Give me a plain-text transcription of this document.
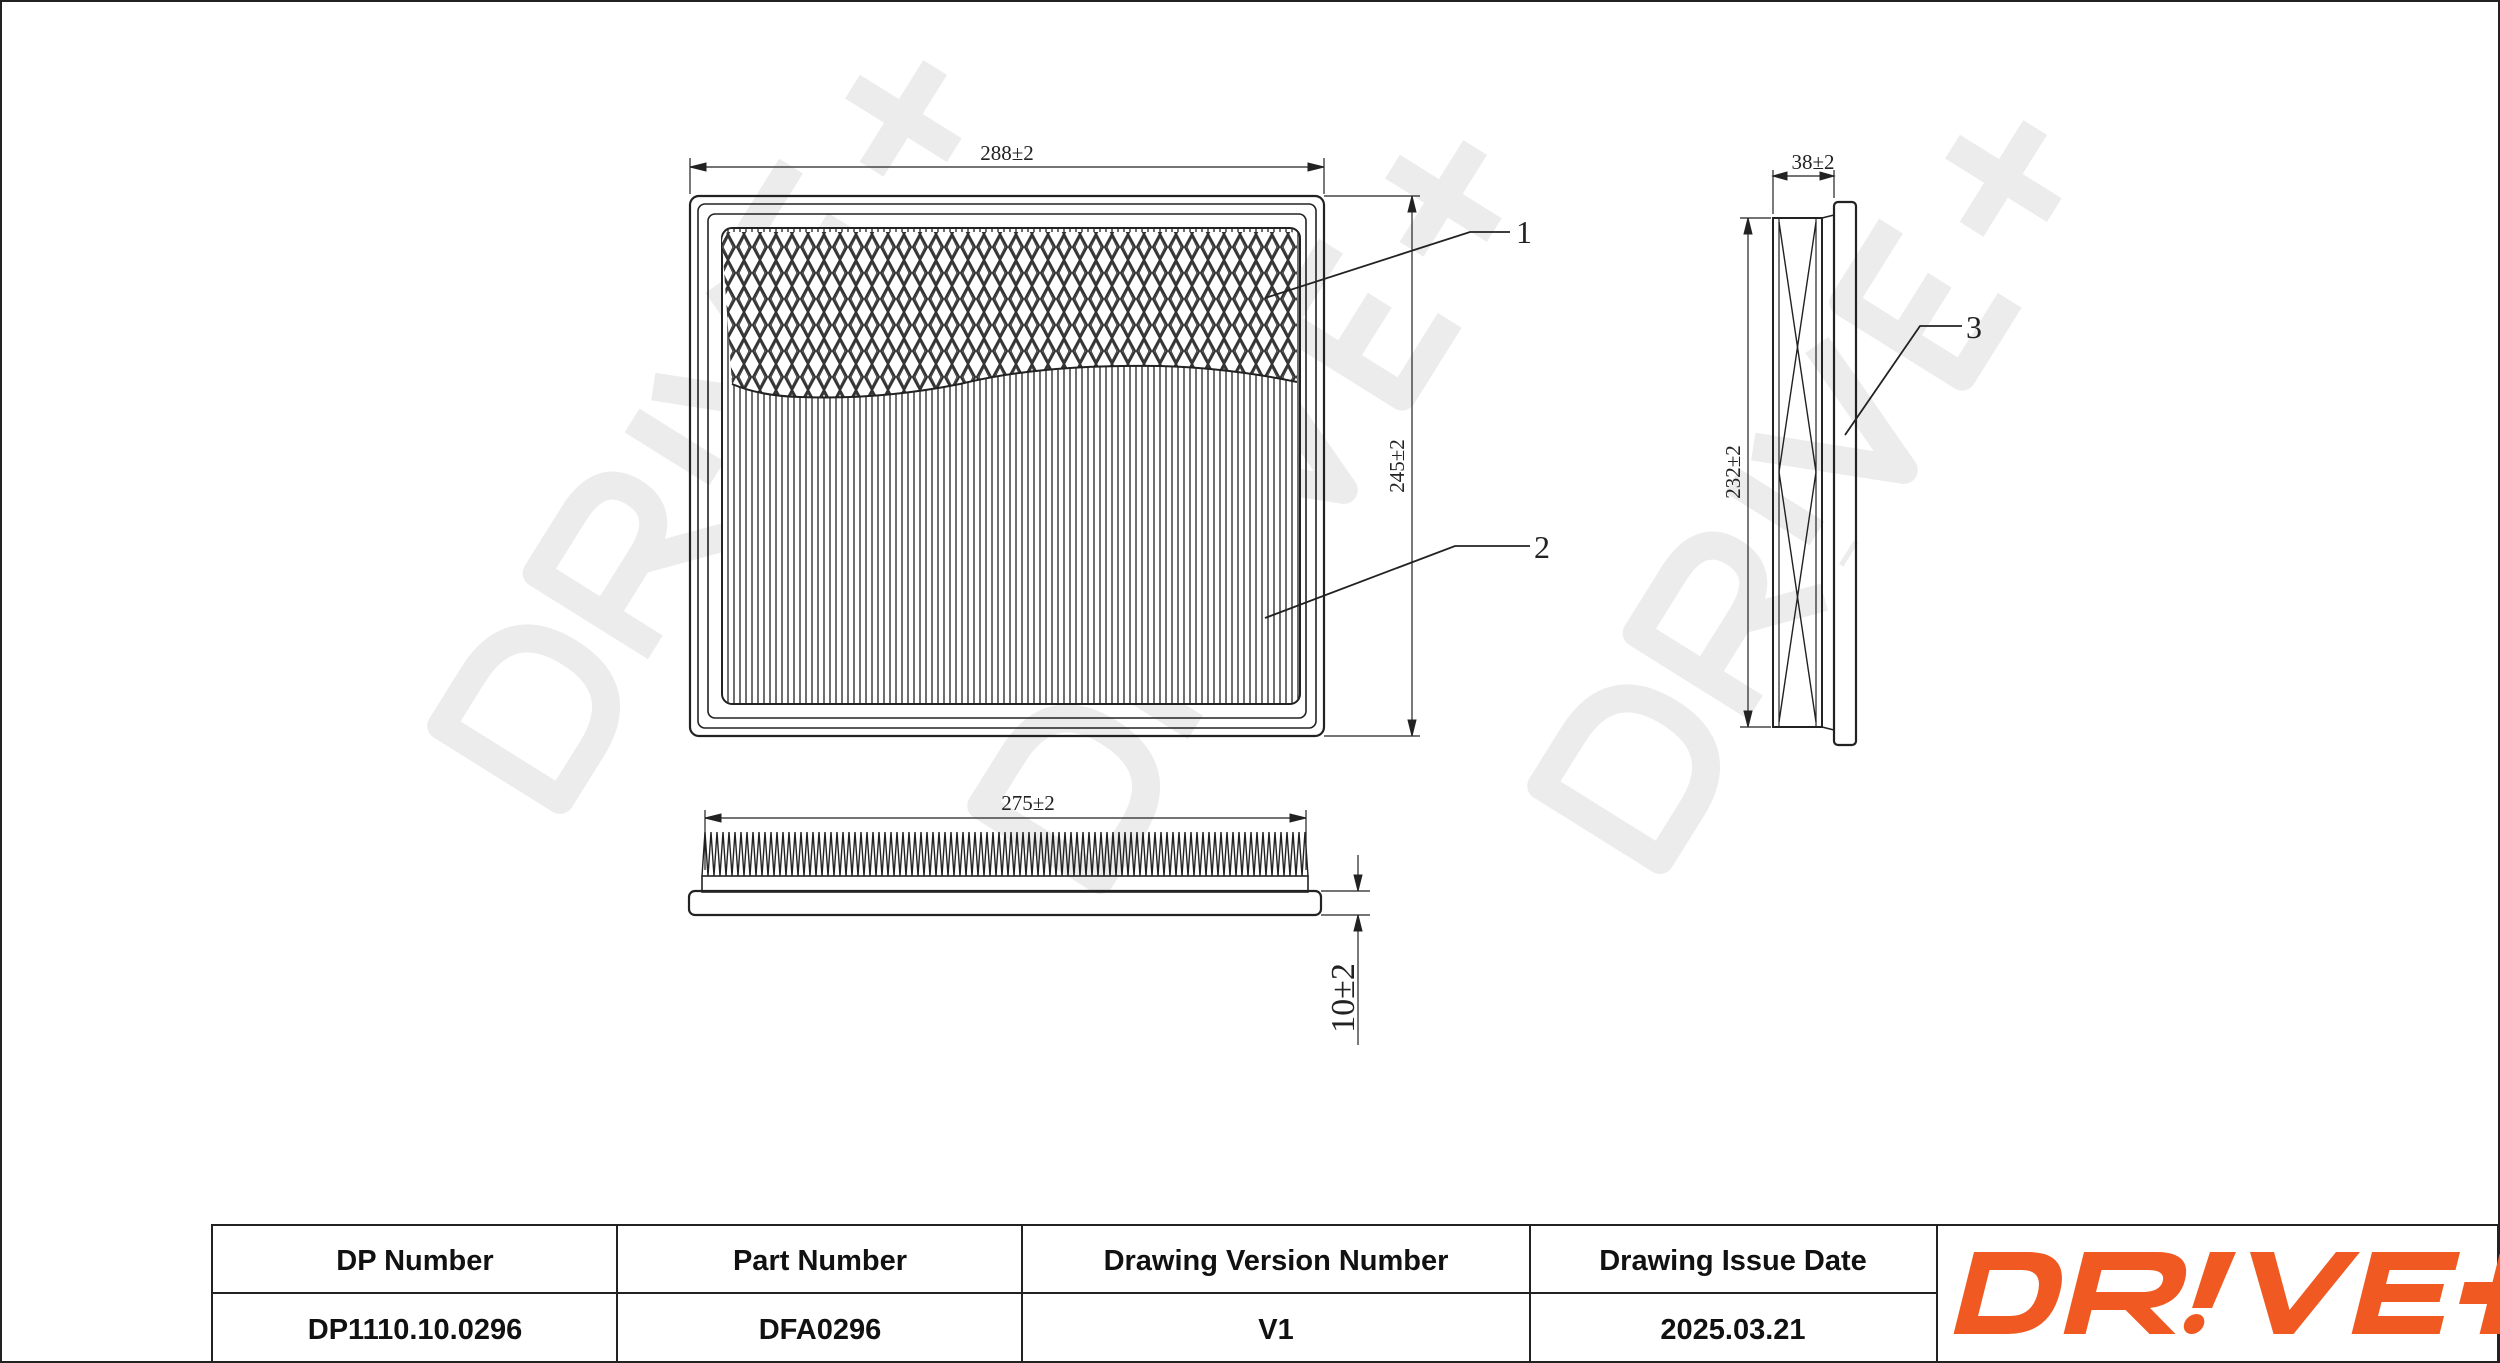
288±2
245±2
1
2
275±2
10±2
38±2
232±2
3
DP Number	Part Number	Drawing Version Number	Drawing Issue Date
DP1110.10.0296	DFA0296	V1	2025.03.21
